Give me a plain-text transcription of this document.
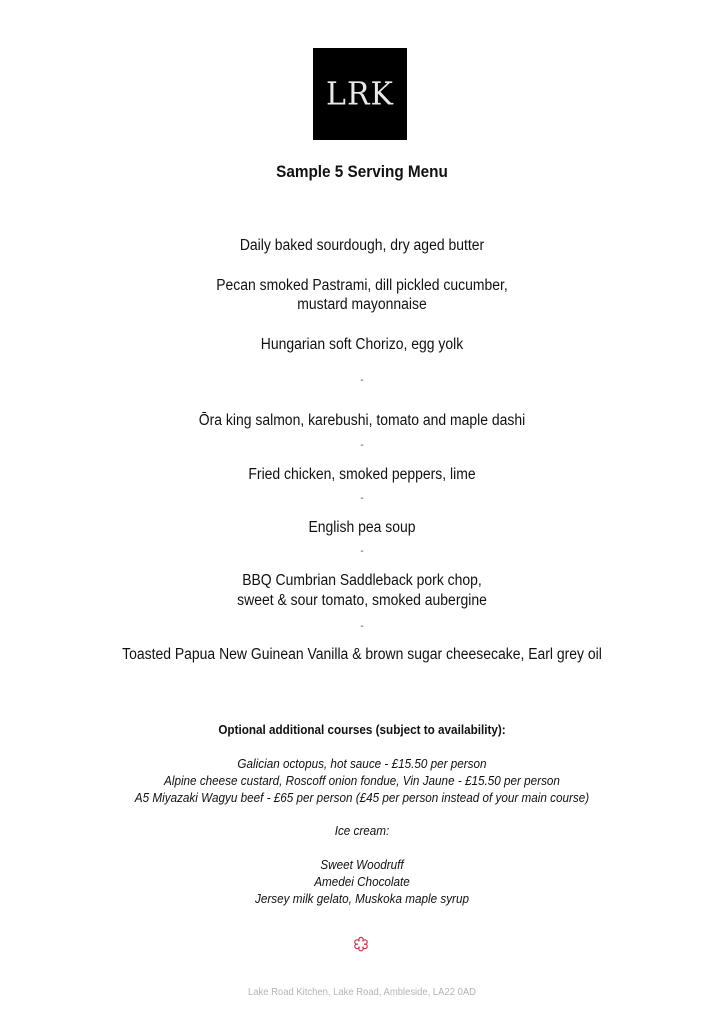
LRK
Sample 5 Serving Menu
Daily baked sourdough, dry aged butter
Pecan smoked Pastrami, dill pickled cucumber,
mustard mayonnaise
Hungarian soft Chorizo, egg yolk
-
Ōra king salmon, karebushi, tomato and maple dashi
-
Fried chicken, smoked peppers, lime
-
English pea soup
-
BBQ Cumbrian Saddleback pork chop,
sweet & sour tomato, smoked aubergine
-
Toasted Papua New Guinean Vanilla & brown sugar cheesecake, Earl grey oil
Optional additional courses (subject to availability):
Galician octopus, hot sauce - £15.50 per person
Alpine cheese custard, Roscoff onion fondue, Vin Jaune - £15.50 per person
A5 Miyazaki Wagyu beef - £65 per person (£45 per person instead of your main course)
Ice cream:
Sweet Woodruff
Amedei Chocolate
Jersey milk gelato, Muskoka maple syrup
Lake Road Kitchen, Lake Road, Ambleside, LA22 0AD
